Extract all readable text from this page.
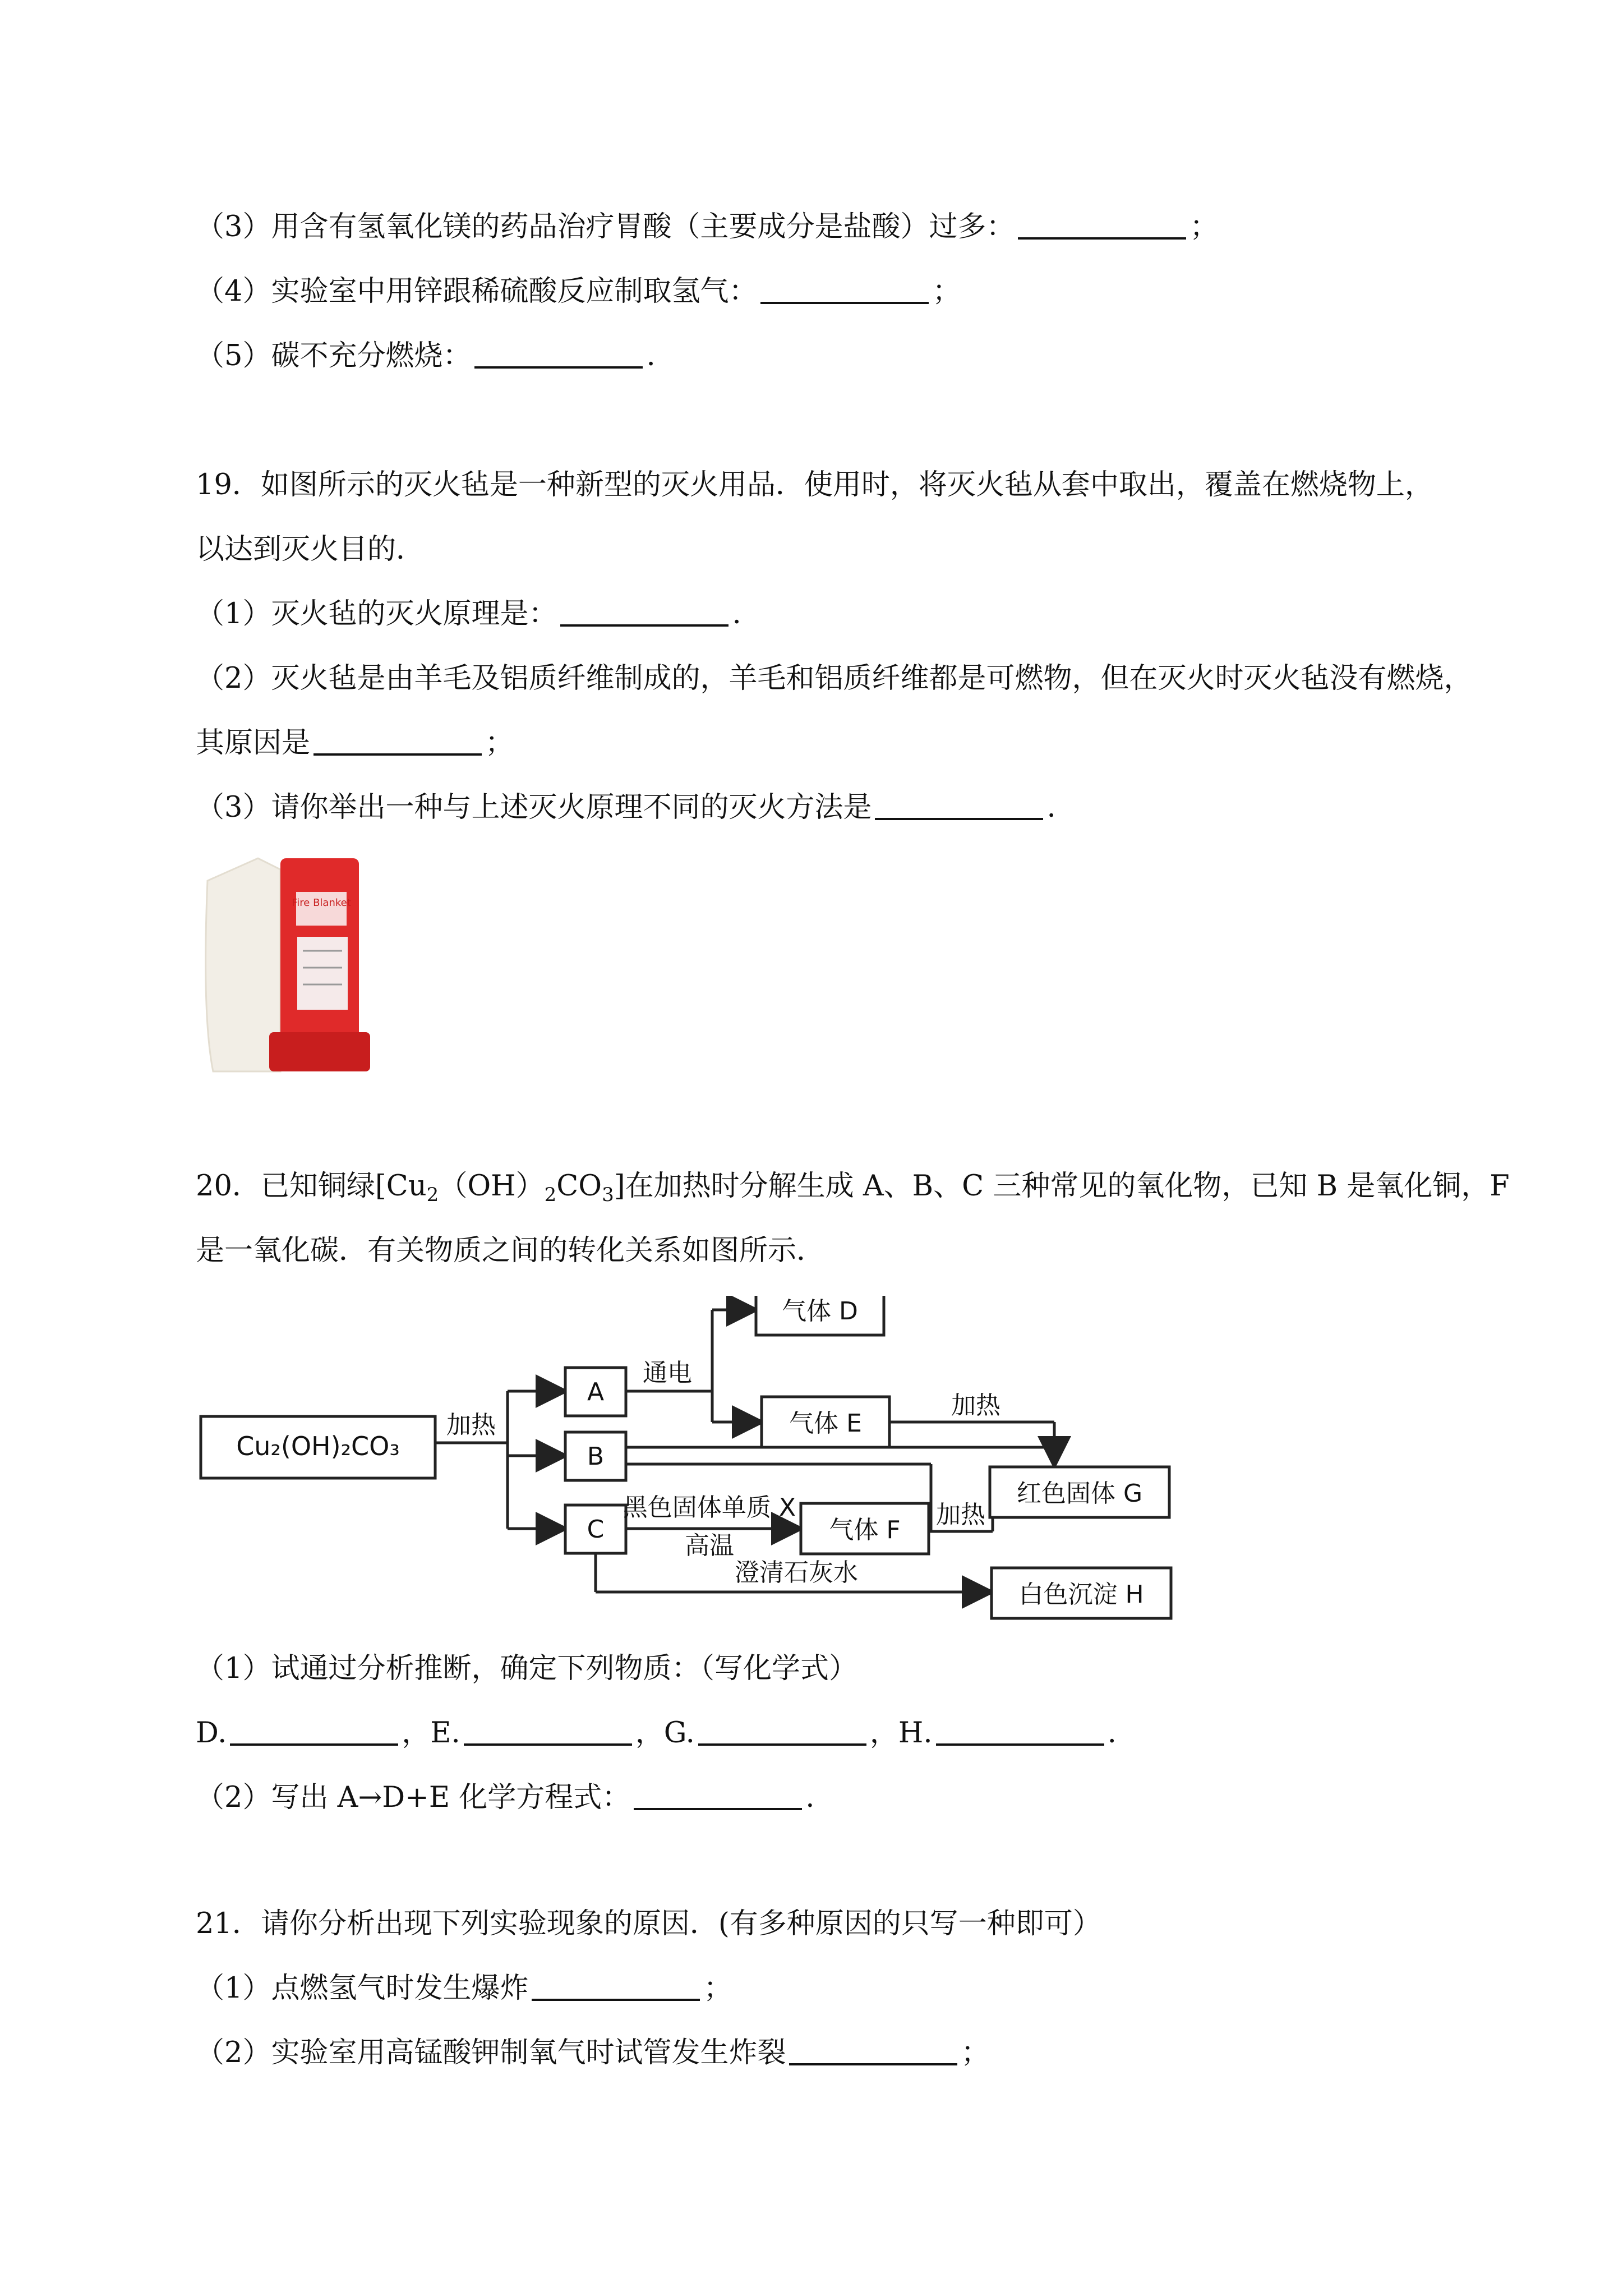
（3）用含有氢氧化镁的药品治疗胃酸（主要成分是盐酸）过多：	；
（4）实验室中用锌跟稀硫酸反应制取氢气：	；
（5）碳不充分燃烧：	.
19．如图所示的灭火毡是一种新型的灭火用品．使用时，将灭火毡从套中取出，覆盖在燃烧物上，
以达到灭火目的．
（1）灭火毡的灭火原理是：	.
（2）灭火毡是由羊毛及铝质纤维制成的，羊毛和铝质纤维都是可燃物，但在灭火时灭火毡没有燃烧，
其原因是	；
（3）请你举出一种与上述灭火原理不同的灭火方法是	.
Fire Blanket
20．已知铜绿$[Cu_2(OH)_2CO_3]$在加热时分解生成 A、B、C 三种常见的氧化物，已知 B 是氧化铜，F
是一氧化碳．有关物质之间的转化关系如图所示．
Cu₂(OH)₂CO₃
加热
A
B
C
通电
气体 D
气体 E
加热
红色固体 G
黑色固体单质 X
高温
气体 F
加热
澄清石灰水
白色沉淀 H
（1）试通过分析推断，确定下列物质：（写化学式）
D.	，E.	，G.	，H.	.
（2）写出 A→D+E 化学方程式：	.
21．请你分析出现下列实验现象的原因．(有多种原因的只写一种即可）
（1）点燃氢气时发生爆炸	；
（2）实验室用高锰酸钾制氧气时试管发生炸裂	；
